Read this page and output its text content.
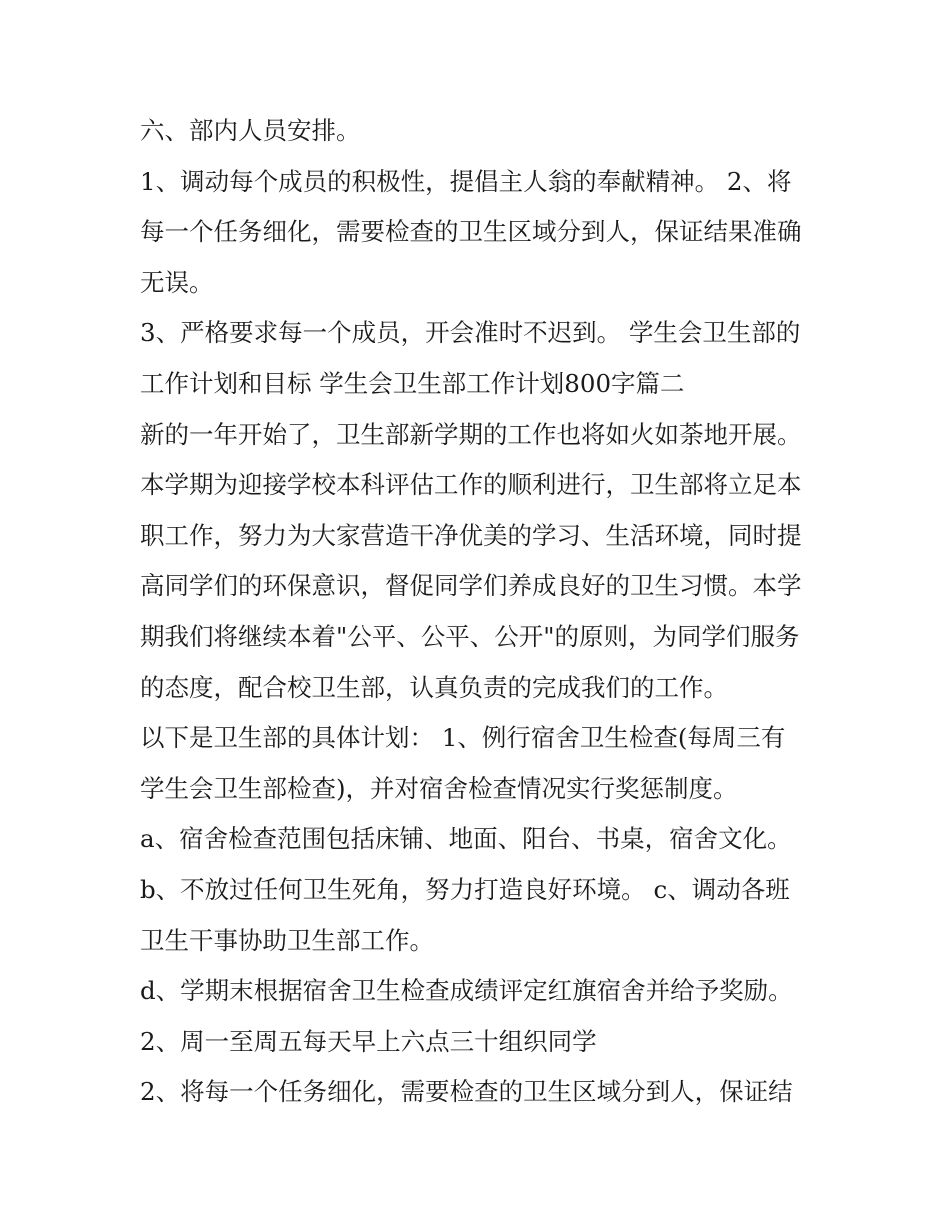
六、部内人员安排。
1、调动每个成员的积极性，提倡主人翁的奉献精神。 2、将
每一个任务细化，需要检查的卫生区域分到人，保证结果准确
无误。
3、严格要求每一个成员，开会准时不迟到。 学生会卫生部的
工作计划和目标 学生会卫生部工作计划800字篇二
新的一年开始了，卫生部新学期的工作也将如火如荼地开展。
本学期为迎接学校本科评估工作的顺利进行，卫生部将立足本
职工作，努力为大家营造干净优美的学习、生活环境，同时提
高同学们的环保意识，督促同学们养成良好的卫生习惯。本学
期我们将继续本着"公平、公平、公开"的原则，为同学们服务
的态度，配合校卫生部，认真负责的完成我们的工作。
以下是卫生部的具体计划： 1、例行宿舍卫生检查(每周三有
学生会卫生部检查)，并对宿舍检查情况实行奖惩制度。
a、宿舍检查范围包括床铺、地面、阳台、书桌，宿舍文化。
b、不放过任何卫生死角，努力打造良好环境。 c、调动各班
卫生干事协助卫生部工作。
d、学期末根据宿舍卫生检查成绩评定红旗宿舍并给予奖励。
2、周一至周五每天早上六点三十组织同学
2、将每一个任务细化，需要检查的卫生区域分到人，保证结
